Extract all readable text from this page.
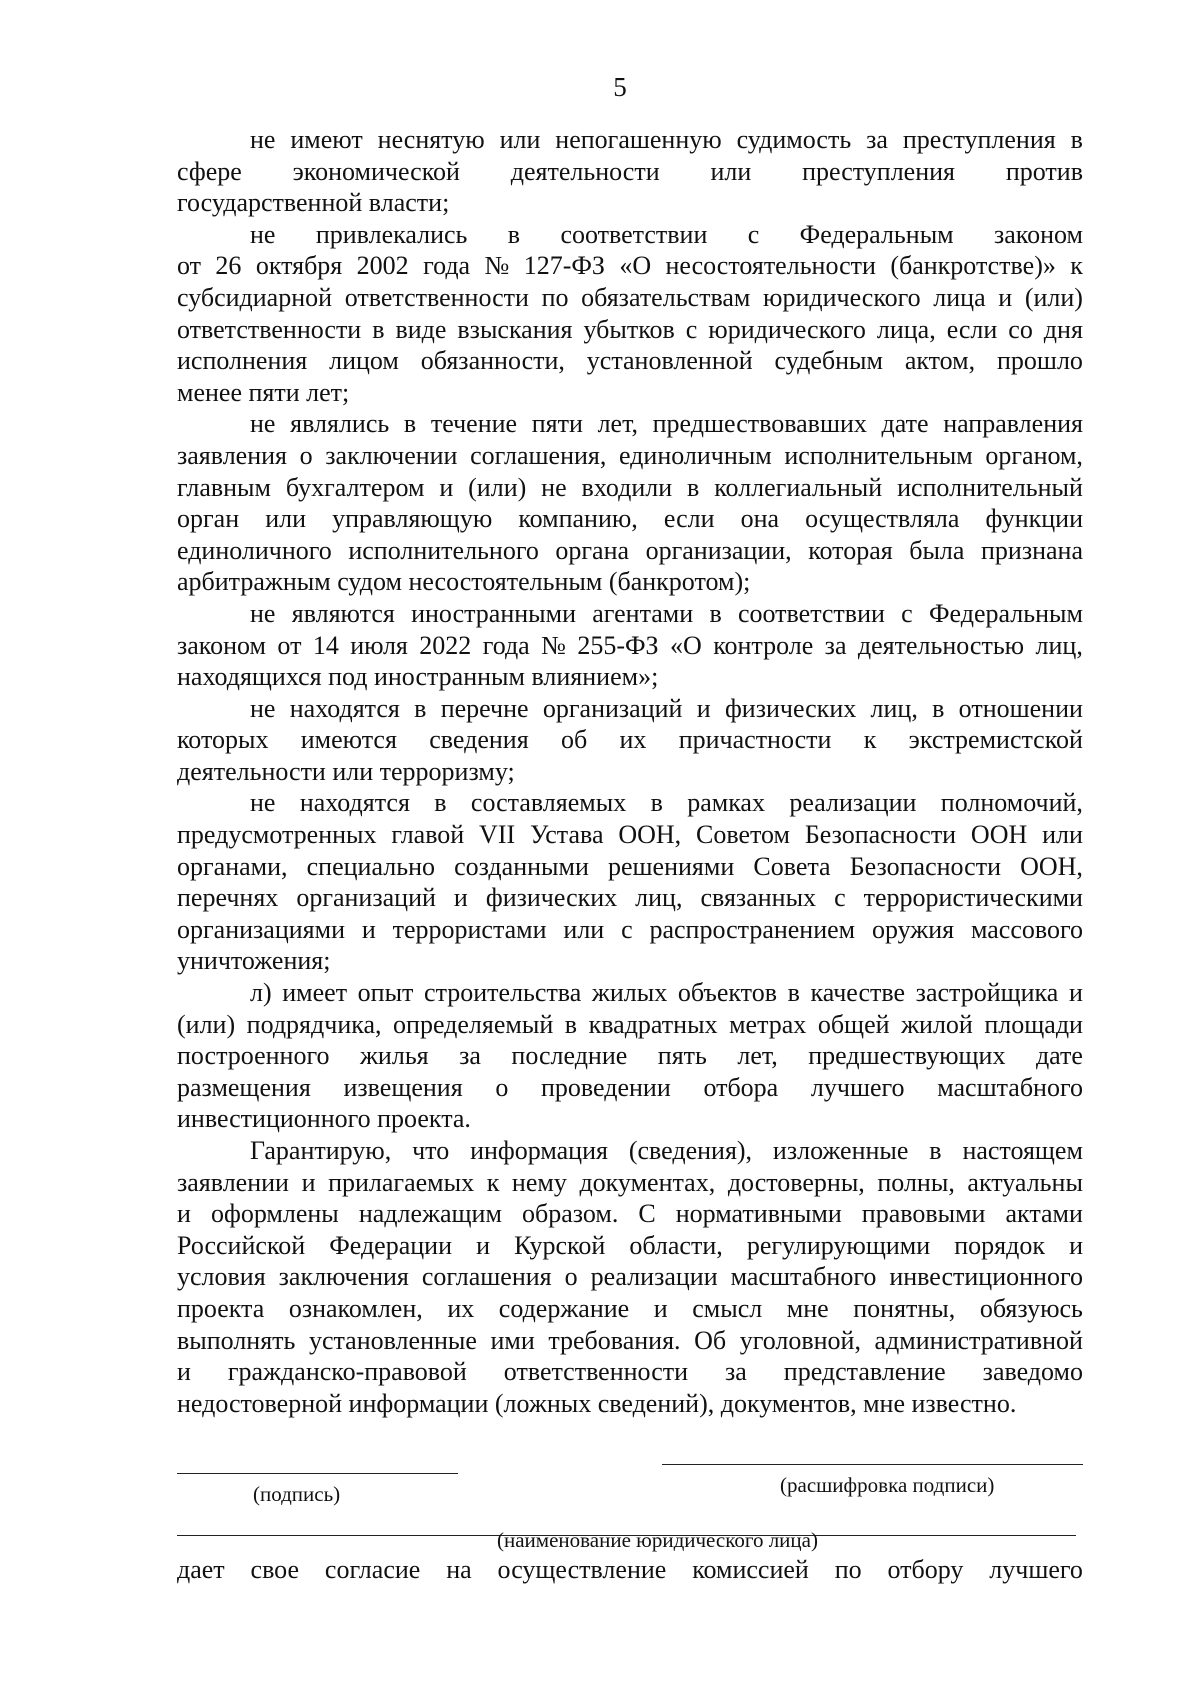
5
не имеют неснятую или непогашенную судимость за преступления в
сфере экономической деятельности или преступления против
государственной власти;
не привлекались в соответствии с Федеральным законом
от 26 октября 2002 года № 127-ФЗ «О несостоятельности (банкротстве)» к
субсидиарной ответственности по обязательствам юридического лица и (или)
ответственности в виде взыскания убытков с юридического лица, если со дня
исполнения лицом обязанности, установленной судебным актом, прошло
менее пяти лет;
не являлись в течение пяти лет, предшествовавших дате направления
заявления о заключении соглашения, единоличным исполнительным органом,
главным бухгалтером и (или) не входили в коллегиальный исполнительный
орган или управляющую компанию, если она осуществляла функции
единоличного исполнительного органа организации, которая была признана
арбитражным судом несостоятельным (банкротом);
не являются иностранными агентами в соответствии с Федеральным
законом от 14 июля 2022 года № 255-ФЗ «О контроле за деятельностью лиц,
находящихся под иностранным влиянием»;
не находятся в перечне организаций и физических лиц, в отношении
которых имеются сведения об их причастности к экстремистской
деятельности или терроризму;
не находятся в составляемых в рамках реализации полномочий,
предусмотренных главой VII Устава ООН, Советом Безопасности ООН или
органами, специально созданными решениями Совета Безопасности ООН,
перечнях организаций и физических лиц, связанных с террористическими
организациями и террористами или с распространением оружия массового
уничтожения;
л) имеет опыт строительства жилых объектов в качестве застройщика и
(или) подрядчика, определяемый в квадратных метрах общей жилой площади
построенного жилья за последние пять лет, предшествующих дате
размещения извещения о проведении отбора лучшего масштабного
инвестиционного проекта.
Гарантирую, что информация (сведения), изложенные в настоящем
заявлении и прилагаемых к нему документах, достоверны, полны, актуальны
и оформлены надлежащим образом. С нормативными правовыми актами
Российской Федерации и Курской области, регулирующими порядок и
условия заключения соглашения о реализации масштабного инвестиционного
проекта ознакомлен, их содержание и смысл мне понятны, обязуюсь
выполнять установленные ими требования. Об уголовной, административной
и гражданско-правовой ответственности за представление заведомо
недостоверной информации (ложных сведений), документов, мне известно.
(подпись)	(расшифровка подписи)
(наименование юридического лица)
дает свое согласие на осуществление комиссией по отбору лучшего
